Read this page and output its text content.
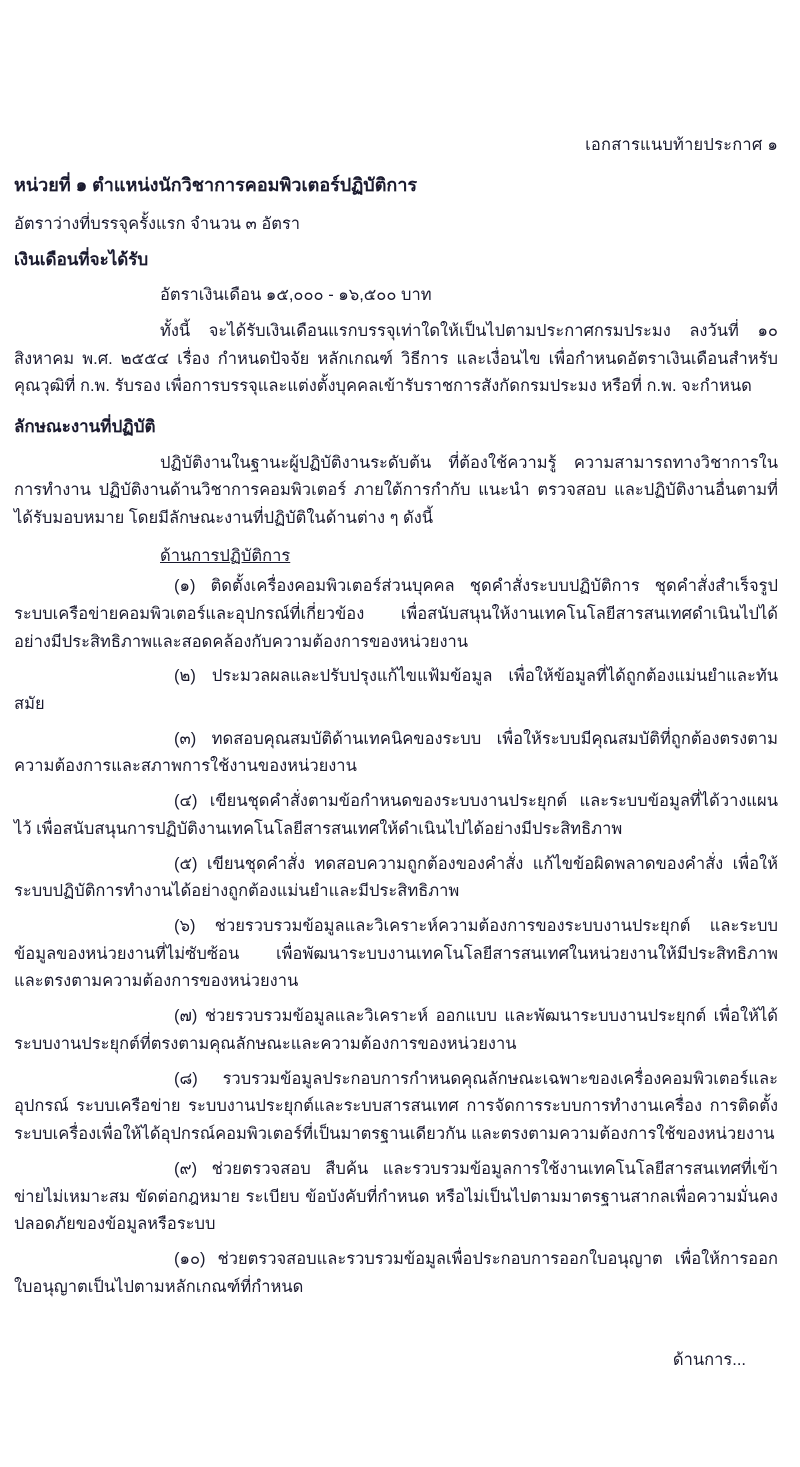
เอกสารแนบท้ายประกาศ ๑
หน่วยที่ ๑ ตำแหน่งนักวิชาการคอมพิวเตอร์ปฏิบัติการ
อัตราว่างที่บรรจุครั้งแรก จำนวน ๓ อัตรา
เงินเดือนที่จะได้รับ
อัตราเงินเดือน ๑๕,๐๐๐ - ๑๖,๕๐๐ บาท
ทั้งนี้ จะได้รับเงินเดือนแรกบรรจุเท่าใดให้เป็นไปตามประกาศกรมประมง ลงวันที่ ๑๐ สิงหาคม พ.ศ. ๒๕๕๔ เรื่อง กำหนดปัจจัย หลักเกณฑ์ วิธีการ และเงื่อนไข เพื่อกำหนดอัตราเงินเดือนสำหรับคุณวุฒิที่ ก.พ. รับรอง เพื่อการบรรจุและแต่งตั้งบุคคลเข้ารับราชการสังกัดกรมประมง หรือที่ ก.พ. จะกำหนด
ลักษณะงานที่ปฏิบัติ
ปฏิบัติงานในฐานะผู้ปฏิบัติงานระดับต้น ที่ต้องใช้ความรู้ ความสามารถทางวิชาการในการทำงาน ปฏิบัติงานด้านวิชาการคอมพิวเตอร์ ภายใต้การกำกับ แนะนำ ตรวจสอบ และปฏิบัติงานอื่นตามที่ได้รับมอบหมาย โดยมีลักษณะงานที่ปฏิบัติในด้านต่าง ๆ ดังนี้
ด้านการปฏิบัติการ
(๑) ติดตั้งเครื่องคอมพิวเตอร์ส่วนบุคคล ชุดคำสั่งระบบปฏิบัติการ ชุดคำสั่งสำเร็จรูป ระบบเครือข่ายคอมพิวเตอร์และอุปกรณ์ที่เกี่ยวข้อง เพื่อสนับสนุนให้งานเทคโนโลยีสารสนเทศดำเนินไปได้อย่างมีประสิทธิภาพและสอดคล้องกับความต้องการของหน่วยงาน
(๒) ประมวลผลและปรับปรุงแก้ไขแฟ้มข้อมูล เพื่อให้ข้อมูลที่ได้ถูกต้องแม่นยำและทันสมัย
(๓) ทดสอบคุณสมบัติด้านเทคนิคของระบบ เพื่อให้ระบบมีคุณสมบัติที่ถูกต้องตรงตามความต้องการและสภาพการใช้งานของหน่วยงาน
(๔) เขียนชุดคำสั่งตามข้อกำหนดของระบบงานประยุกต์ และระบบข้อมูลที่ได้วางแผนไว้ เพื่อสนับสนุนการปฏิบัติงานเทคโนโลยีสารสนเทศให้ดำเนินไปได้อย่างมีประสิทธิภาพ
(๕) เขียนชุดคำสั่ง ทดสอบความถูกต้องของคำสั่ง แก้ไขข้อผิดพลาดของคำสั่ง เพื่อให้ระบบปฏิบัติการทำงานได้อย่างถูกต้องแม่นยำและมีประสิทธิภาพ
(๖) ช่วยรวบรวมข้อมูลและวิเคราะห์ความต้องการของระบบงานประยุกต์ และระบบข้อมูลของหน่วยงานที่ไม่ซับซ้อน เพื่อพัฒนาระบบงานเทคโนโลยีสารสนเทศในหน่วยงานให้มีประสิทธิภาพ และตรงตามความต้องการของหน่วยงาน
(๗) ช่วยรวบรวมข้อมูลและวิเคราะห์ ออกแบบ และพัฒนาระบบงานประยุกต์ เพื่อให้ได้ระบบงานประยุกต์ที่ตรงตามคุณลักษณะและความต้องการของหน่วยงาน
(๘) รวบรวมข้อมูลประกอบการกำหนดคุณลักษณะเฉพาะของเครื่องคอมพิวเตอร์และอุปกรณ์ ระบบเครือข่าย ระบบงานประยุกต์และระบบสารสนเทศ การจัดการระบบการทำงานเครื่อง การติดตั้งระบบเครื่องเพื่อให้ได้อุปกรณ์คอมพิวเตอร์ที่เป็นมาตรฐานเดียวกัน และตรงตามความต้องการใช้ของหน่วยงาน
(๙) ช่วยตรวจสอบ สืบค้น และรวบรวมข้อมูลการใช้งานเทคโนโลยีสารสนเทศที่เข้าข่ายไม่เหมาะสม ขัดต่อกฎหมาย ระเบียบ ข้อบังคับที่กำหนด หรือไม่เป็นไปตามมาตรฐานสากลเพื่อความมั่นคงปลอดภัยของข้อมูลหรือระบบ
(๑๐) ช่วยตรวจสอบและรวบรวมข้อมูลเพื่อประกอบการออกใบอนุญาต เพื่อให้การออกใบอนุญาตเป็นไปตามหลักเกณฑ์ที่กำหนด
ด้านการ...
